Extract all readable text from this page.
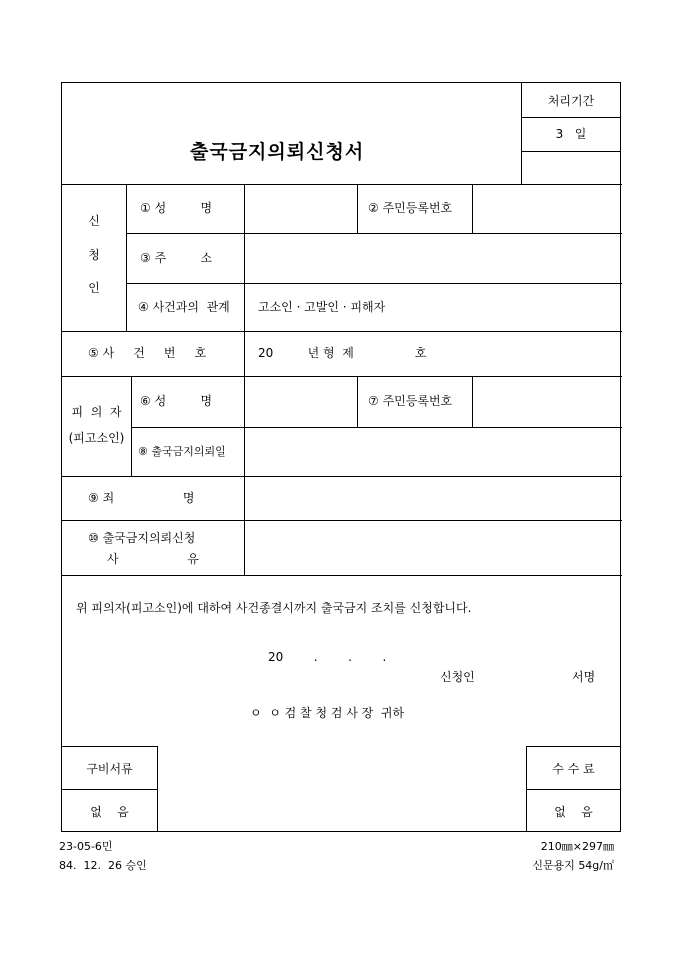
출국금지의뢰신청서
처리기간
3   일
신
청
인
① 성         명	② 주민등록번호
③ 주         소
④ 사건과의  관계 고소인 · 고발인 · 피해자
⑤ 사     건     번     호	20         년 형  제                호
피  의  자
(피고소인)
⑥ 성         명	⑦ 주민등록번호
⑧ 출국금지의뢰일
⑨ 죄                  명
⑩ 출국금지의뢰신청
사                  유
위 피의자(피고소인)에 대하여 사건종결시까지 출국금지 조치를 신청합니다.
20        .        .        .
신청인	서명
ㅇ  ㅇ 검 찰 청 검 사 장  귀하
구비서류
없    음
수 수 료
없    음
23-05-6민
84.  12.  26 승인
210㎜×297㎜
신문용지 54g/㎡
